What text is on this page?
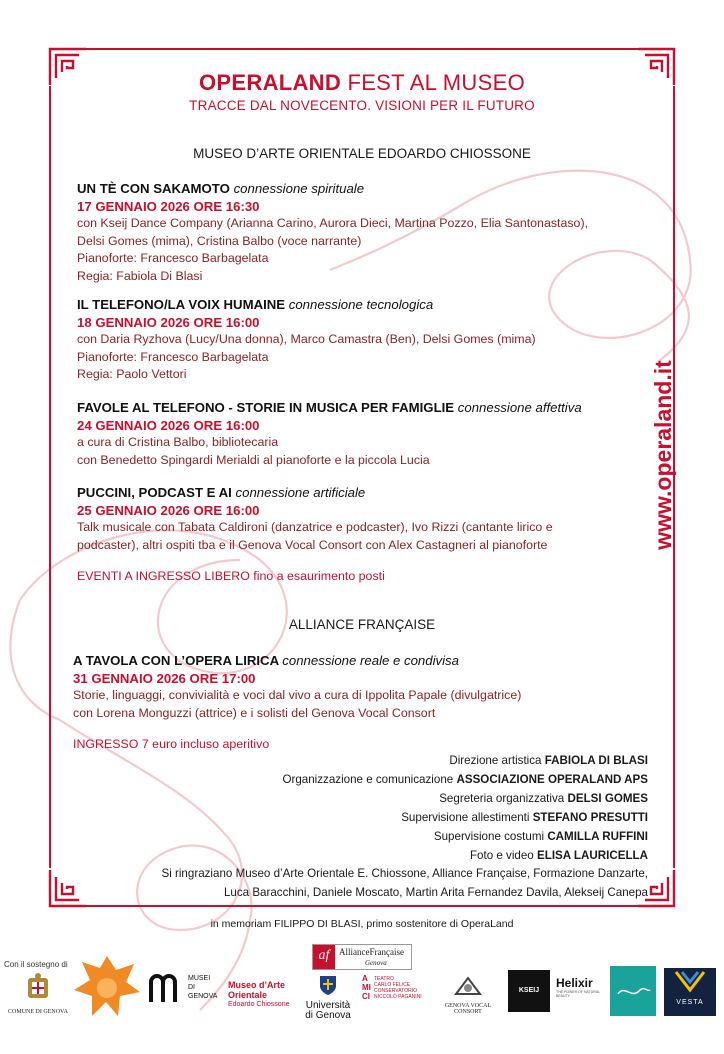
OPERALAND FEST AL MUSEO
TRACCE DAL NOVECENTO. VISIONI PER IL FUTURO
MUSEO D’ARTE ORIENTALE EDOARDO CHIOSSONE
UN TÈ CON SAKAMOTO connessione spirituale
17 GENNAIO 2026 ORE 16:30
con Kseij Dance Company (Arianna Carino, Aurora Dieci, Martina Pozzo, Elia Santonastaso),
Delsi Gomes (mima), Cristina Balbo (voce narrante)
Pianoforte: Francesco Barbagelata
Regia: Fabiola Di Blasi
IL TELEFONO/LA VOIX HUMAINE connessione tecnologica
18 GENNAIO 2026 ORE 16:00
con Daria Ryzhova (Lucy/Una donna), Marco Camastra (Ben), Delsi Gomes (mima)
Pianoforte: Francesco Barbagelata
Regia: Paolo Vettori
FAVOLE AL TELEFONO - STORIE IN MUSICA PER FAMIGLIE connessione affettiva
24 GENNAIO 2026 ORE 16:00
a cura di Cristina Balbo, bibliotecaria
con Benedetto Spingardi Merialdi al pianoforte e la piccola Lucia
PUCCINI, PODCAST E AI connessione artificiale
25 GENNAIO 2026 ORE 16:00
Talk musicale con Tabata Caldironi (danzatrice e podcaster), Ivo Rizzi (cantante lirico e
podcaster), altri ospiti tba e il Genova Vocal Consort con Alex Castagneri al pianoforte
EVENTI A INGRESSO LIBERO fino a esaurimento posti
ALLIANCE FRANÇAISE
A TAVOLA CON L’OPERA LIRICA connessione reale e condivisa
31 GENNAIO 2026 ORE 17:00
Storie, linguaggi, convivialità e voci dal vivo a cura di Ippolita Papale (divulgatrice)
con Lorena Monguzzi (attrice) e i solisti del Genova Vocal Consort
INGRESSO 7 euro incluso aperitivo
Direzione artistica FABIOLA DI BLASI
Organizzazione e comunicazione ASSOCIAZIONE OPERALAND APS
Segreteria organizzativa DELSI GOMES
Supervisione allestimenti STEFANO PRESUTTI
Supervisione costumi CAMILLA RUFFINI
Foto e video ELISA LAURICELLA
Si ringraziano Museo d’Arte Orientale E. Chiossone, Alliance Française, Formazione Danzarte,
Luca Baracchini, Daniele Moscato, Martin Arita Fernandez Davila, Alekseij Canepa
in memoriam FILIPPO DI BLASI, primo sostenitore di OperaLand
www.operaland.it
Con il sostegno di
COMUNE DI GENOVA
MUSEI
DI
GENOVA
Museo d’Arte
Orientale
Edoardo Chiossone	Università
di Genova
af	AllianceFrançaise
Genova
AMICI
TEATRO
CARLO FELICE
CONSERVATORIO
NICCOLÒ PAGANINI
GENOVA VOCAL CONSORT
KSEIJ DANCE
Helixir
THE POWER OF NATURAL BEAUTY
VESTA
